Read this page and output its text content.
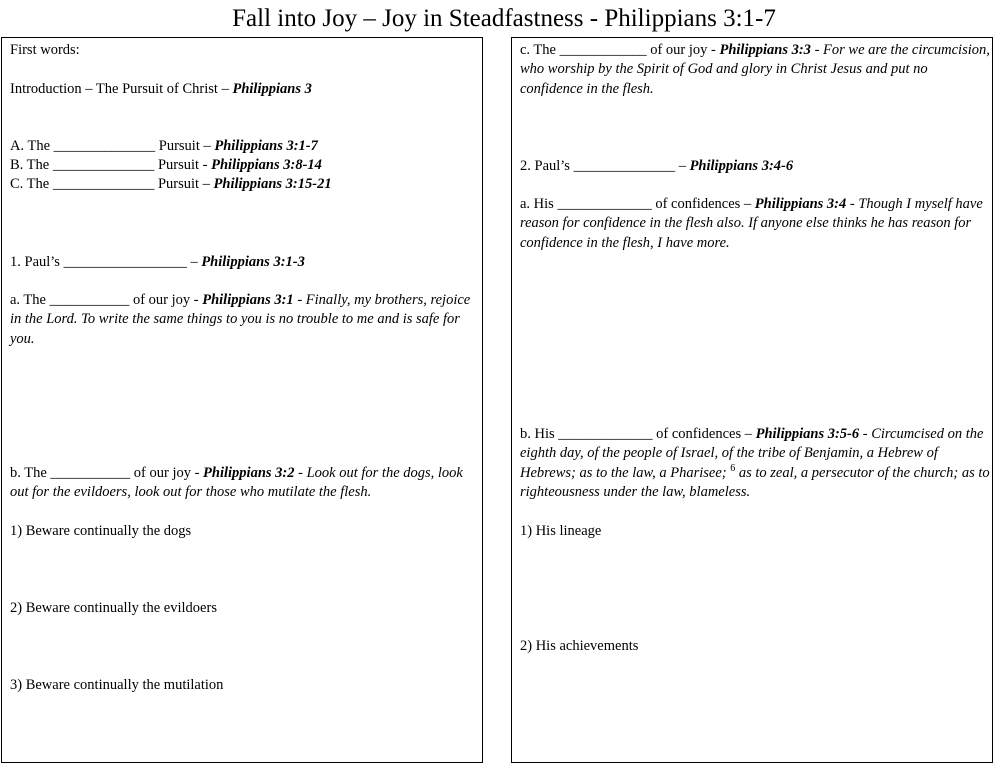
Fall into Joy – Joy in Steadfastness - Philippians 3:1-7
First words:
Introduction – The Pursuit of Christ – Philippians 3
A. The ______________ Pursuit – Philippians 3:1-7
B. The ______________ Pursuit - Philippians 3:8-14
C. The ______________ Pursuit – Philippians 3:15-21
1. Paul’s _________________ – Philippians 3:1-3
a. The ___________ of our joy - Philippians 3:1 - Finally, my brothers, rejoice in the Lord. To write the same things to you is no trouble to me and is safe for you.
b. The ___________ of our joy - Philippians 3:2 - Look out for the dogs, look out for the evildoers, look out for those who mutilate the flesh.
1) Beware continually the dogs
2) Beware continually the evildoers
3) Beware continually the mutilation
c. The ____________ of our joy - Philippians 3:3 - For we are the circumcision, who worship by the Spirit of God and glory in Christ Jesus and put no confidence in the flesh.
2. Paul’s ______________ – Philippians 3:4-6
a. His _____________ of confidences – Philippians 3:4 - Though I myself have reason for confidence in the flesh also. If anyone else thinks he has reason for confidence in the flesh, I have more.
b. His _____________ of confidences – Philippians 3:5-6 - Circumcised on the eighth day, of the people of Israel, of the tribe of Benjamin, a Hebrew of Hebrews; as to the law, a Pharisee; $^6$ as to zeal, a persecutor of the church; as to righteousness under the law, blameless.
1) His lineage
2) His achievements
